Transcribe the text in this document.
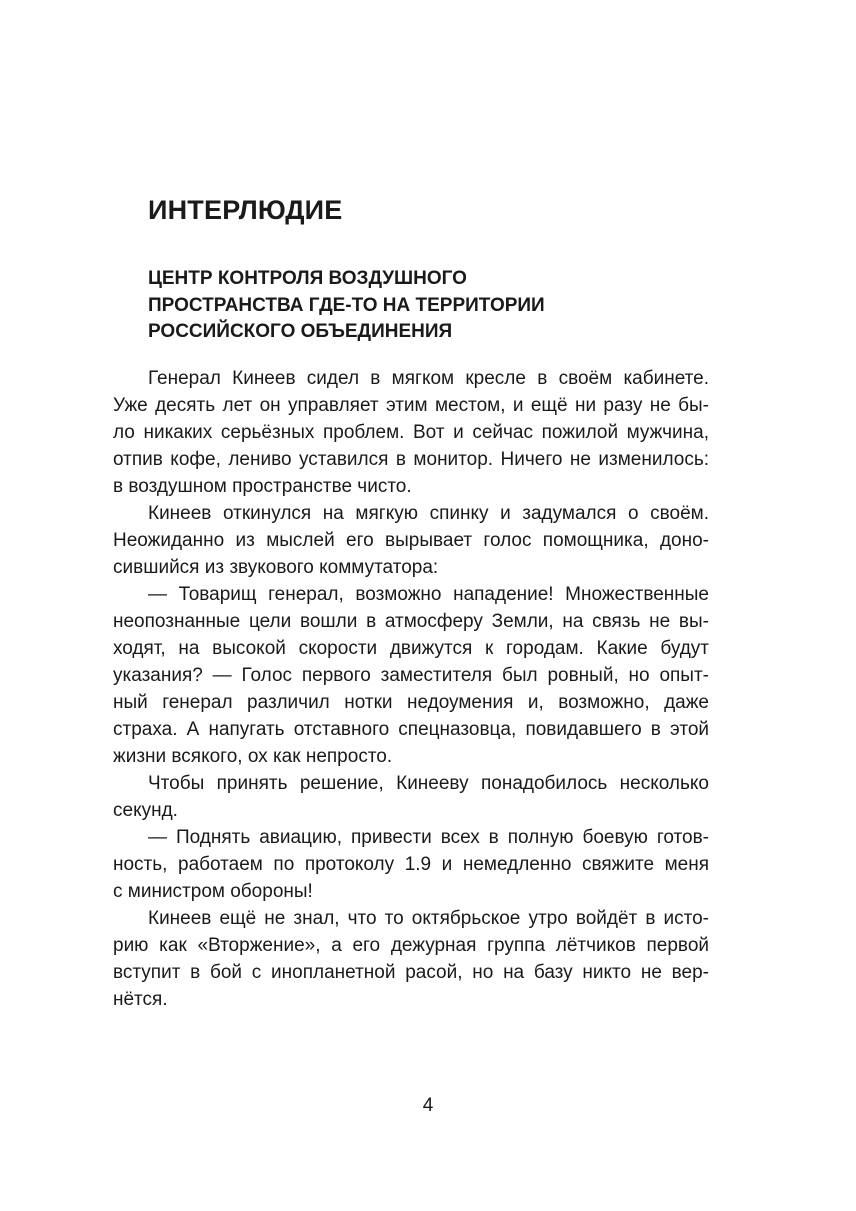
ИНТЕРЛЮДИЕ
ЦЕНТР КОНТРОЛЯ ВОЗДУШНОГО
ПРОСТРАНСТВА ГДЕ-ТО НА ТЕРРИТОРИИ
РОССИЙСКОГО ОБЪЕДИНЕНИЯ

Генерал Кинеев сидел в мягком кресле в своём кабинете.
Уже десять лет он управляет этим местом, и ещё ни разу не бы-
ло никаких серьёзных проблем. Вот и сейчас пожилой мужчина,
отпив кофе, лениво уставился в монитор. Ничего не изменилось:
в воздушном пространстве чисто.

Кинеев откинулся на мягкую спинку и задумался о своём.
Неожиданно из мыслей его вырывает голос помощника, доно-
сившийся из звукового коммутатора:

— Товарищ генерал, возможно нападение! Множественные
неопознанные цели вошли в атмосферу Земли, на связь не вы-
ходят, на высокой скорости движутся к городам. Какие будут
указания? — Голос первого заместителя был ровный, но опыт-
ный генерал различил нотки недоумения и, возможно, даже
страха. А напугать отставного спецназовца, повидавшего в этой
жизни всякого, ох как непросто.

Чтобы принять решение, Кинееву понадобилось несколько
секунд.

— Поднять авиацию, привести всех в полную боевую готов-
ность, работаем по протоколу 1.9 и немедленно свяжите меня
с министром обороны!

Кинеев ещё не знал, что то октябрьское утро войдёт в исто-
рию как «Вторжение», а его дежурная группа лётчиков первой
вступит в бой с инопланетной расой, но на базу никто не вер-
нётся.

4
